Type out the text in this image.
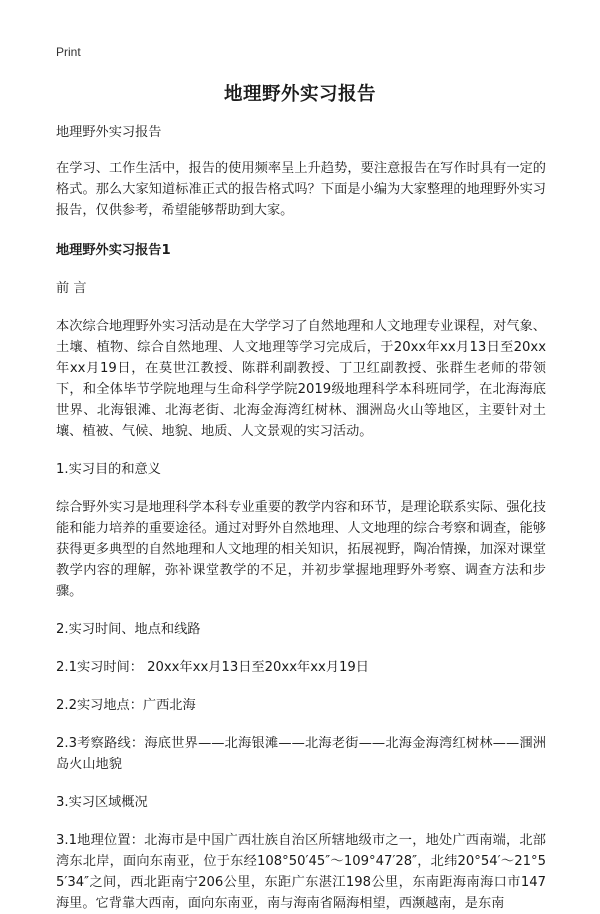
Print
地理野外实习报告

地理野外实习报告

在学习、工作生活中，报告的使用频率呈上升趋势，要注意报告在写作时具有一定的格式。那么大家知道标准正式的报告格式吗？下面是小编为大家整理的地理野外实习报告，仅供参考，希望能够帮助到大家。

地理野外实习报告1

前 言

本次综合地理野外实习活动是在大学学习了自然地理和人文地理专业课程，对气象、土壤、植物、综合自然地理、人文地理等学习完成后，于20xx年xx月13日至20xx年xx月19日，在莫世江教授、陈群利副教授、丁卫红副教授、张群生老师的带领下，和全体毕节学院地理与生命科学学院2019级地理科学本科班同学，在北海海底世界、北海银滩、北海老街、北海金海湾红树林、涠洲岛火山等地区，主要针对土壤、植被、气候、地貌、地质、人文景观的实习活动。

1.实习目的和意义

综合野外实习是地理科学本科专业重要的教学内容和环节，是理论联系实际、强化技能和能力培养的重要途径。通过对野外自然地理、人文地理的综合考察和调查，能够获得更多典型的自然地理和人文地理的相关知识，拓展视野，陶冶情操，加深对课堂教学内容的理解，弥补课堂教学的不足，并初步掌握地理野外考察、调查方法和步骤。

2.实习时间、地点和线路

2.1实习时间： 20xx年xx月13日至20xx年xx月19日

2.2实习地点：广西北海

2.3考察路线：海底世界——北海银滩——北海老街——北海金海湾红树林——涠洲岛火山地貌

3.实习区域概况

3.1地理位置：北海市是中国广西壮族自治区所辖地级市之一，地处广西南端，北部湾东北岸，面向东南亚，位于东经108°50′45″～109°47′28″，北纬20°54′～21°55′34″之间，西北距南宁206公里，东距广东湛江198公里，东南距海南海口市147海里。它背靠大西南，面向东南亚，南与海南省隔海相望，西濒越南，是东南
